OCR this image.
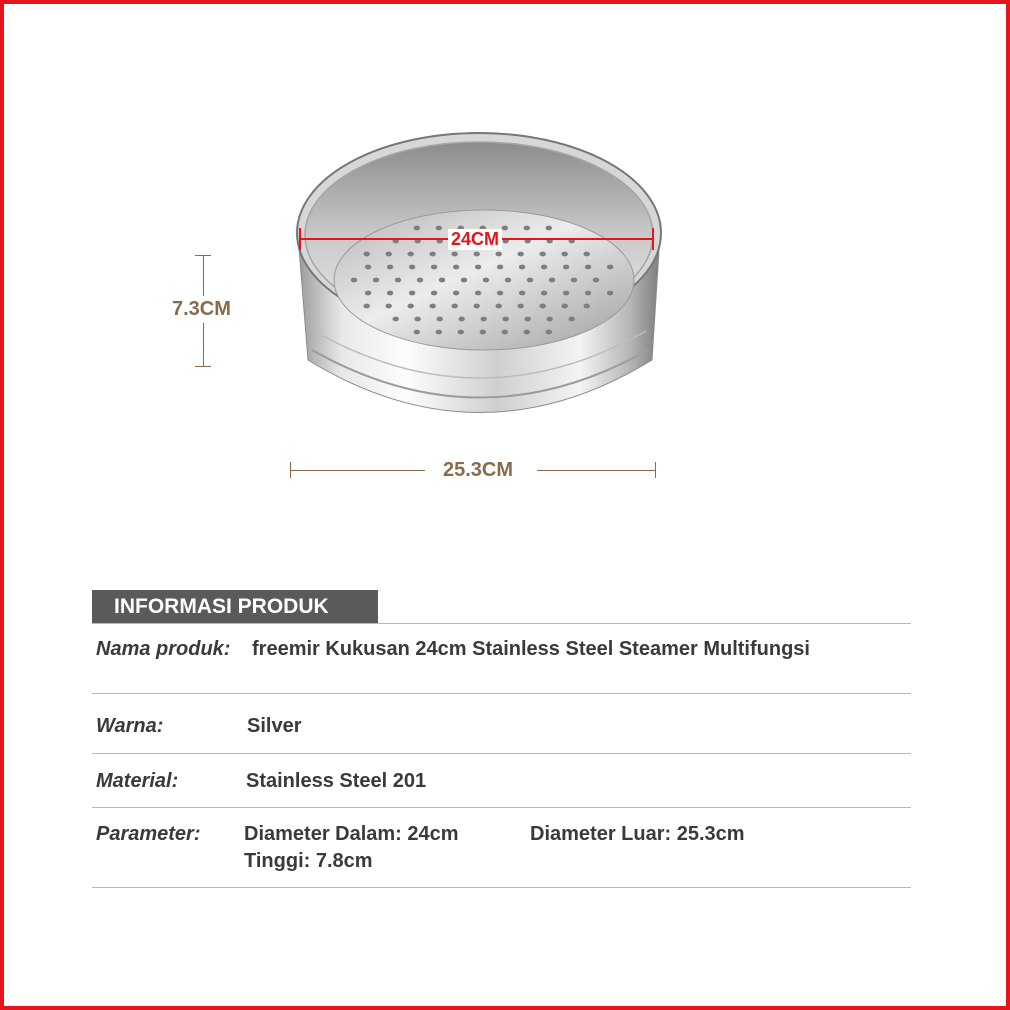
24CM
7.3CM
25.3CM
INFORMASI PRODUK
Nama produk: freemir Kukusan 24cm Stainless Steel Steamer Multifungsi
Warna:	Silver
Material:	Stainless Steel 201
Parameter: Diameter Dalam: 24cm	Diameter Luar: 25.3cm
Tinggi: 7.8cm
